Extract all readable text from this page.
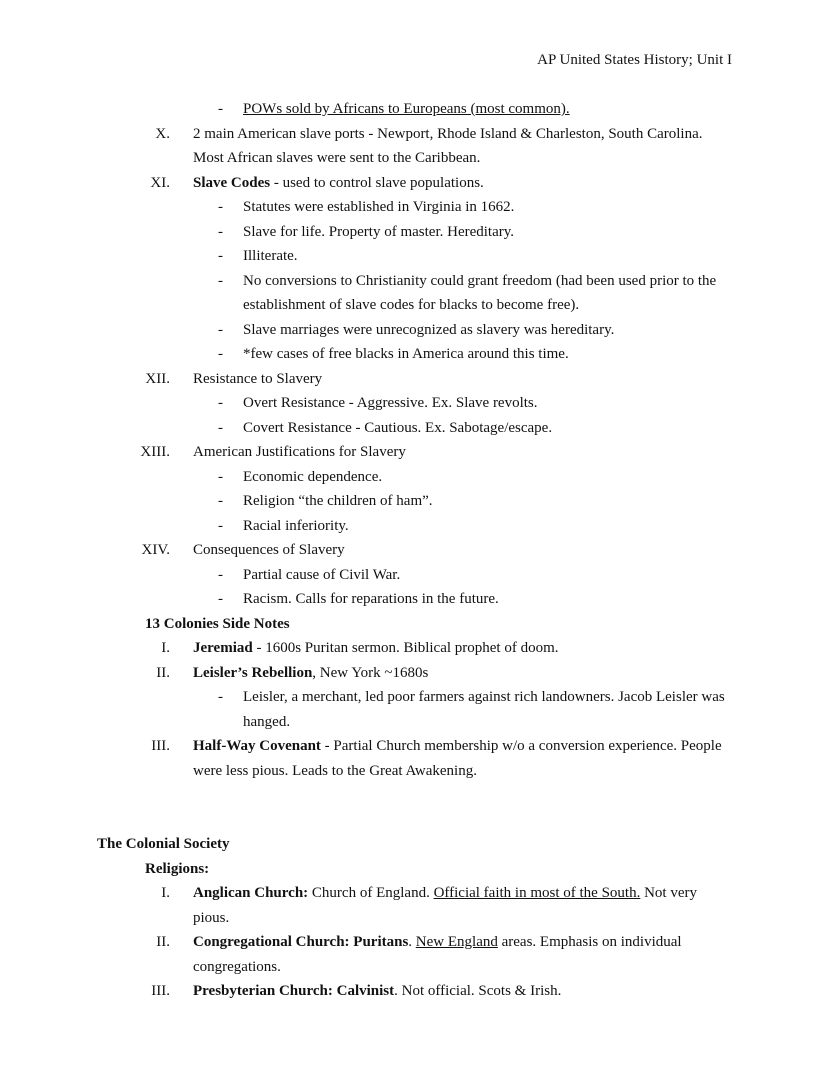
AP United States History; Unit I
-	POWs sold by Africans to Europeans (most common).
X.	2 main American slave ports - Newport, Rhode Island & Charleston, South Carolina. Most African slaves were sent to the Caribbean.
XI.	Slave Codes - used to control slave populations.
-	Statutes were established in Virginia in 1662.
-	Slave for life. Property of master. Hereditary.
-	Illiterate.
-	No conversions to Christianity could grant freedom (had been used prior to the establishment of slave codes for blacks to become free).
-	Slave marriages were unrecognized as slavery was hereditary.
-	*few cases of free blacks in America around this time.
XII.	Resistance to Slavery
-	Overt Resistance - Aggressive. Ex. Slave revolts.
-	Covert Resistance - Cautious. Ex. Sabotage/escape.
XIII.	American Justifications for Slavery
-	Economic dependence.
-	Religion “the children of ham”.
-	Racial inferiority.
XIV.	Consequences of Slavery
-	Partial cause of Civil War.
-	Racism. Calls for reparations in the future.
13 Colonies Side Notes
I.	Jeremiad - 1600s Puritan sermon. Biblical prophet of doom.
II.	Leisler’s Rebellion, New York ~1680s
-	Leisler, a merchant, led poor farmers against rich landowners. Jacob Leisler was hanged.
III.	Half-Way Covenant - Partial Church membership w/o a conversion experience. People were less pious. Leads to the Great Awakening.
The Colonial Society
Religions:
I.	Anglican Church: Church of England. Official faith in most of the South. Not very pious.
II.	Congregational Church: Puritans. New England areas. Emphasis on individual congregations.
III.	Presbyterian Church: Calvinist. Not official. Scots & Irish.
